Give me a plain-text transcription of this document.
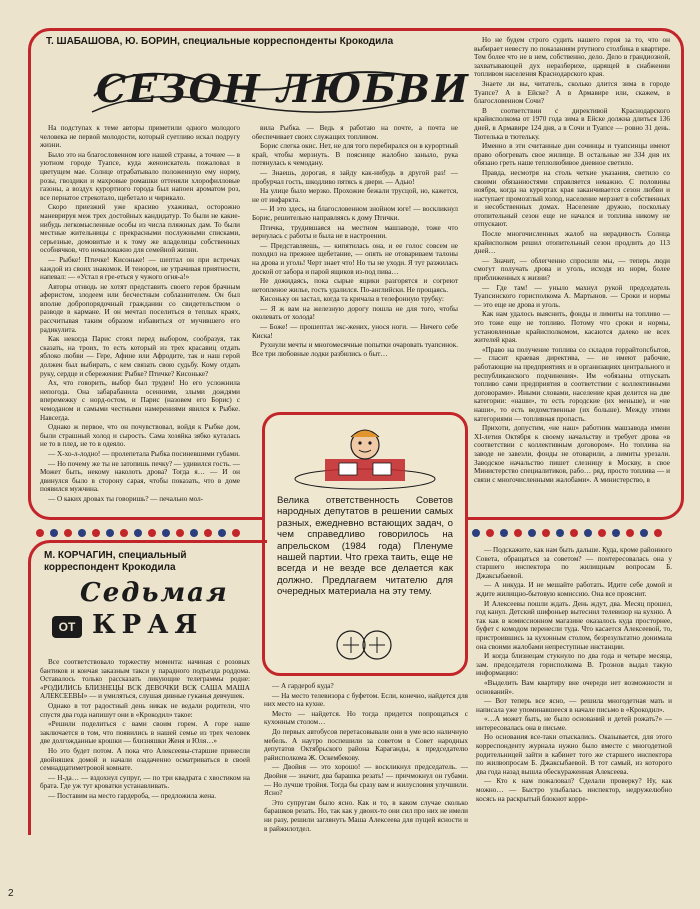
Т. ШАБАШОВА, Ю. БОРИН, специальные корреспонденты Крокодила
СЕЗОН ЛЮБВИ

На подступах к теме авторы приметили одного молодого человека не первой молодости, который суетливо искал подругу жизни.

Было это на благословенном юге нашей страны, а точнее — в уютном городе Туапсе, куда женоискатель пожаловал в цветущем мае. Солнце отрабатывало положенную ему норму, розы, гвоздики и махровые ромашки оттеняли хлорофилловые газоны, а воздух курортного города был напоен ароматом роз, все пернатое стрекотало, щебетало и чирикало.

Скоро приезжий уже красиво ухаживал, осторожно маневрируя меж трех достойных кандидатур. То были не какие-нибудь легкомысленные особы из числа пляжных дам. То были местные жительницы с прекрасными послужными списками, серьезные, домовитые и к тому же владелицы собственных особнячков, что немаловажно для семейной жизни.

— Рыбке! Птичке! Кисоньке! — шептал он при встречах каждой из своих знакомок. И тенором, не утрачивая приятности, напевал: — «Устал я гре-еться у чужого огня-а!»

Авторы отнюдь не хотят представить своего героя брачным аферистом, злодеем или бесчестным соблазнителем. Он был вполне добропорядочный гражданин со свидетельством о разводе в кармане. И он мечтал поселиться в теплых краях, рассчитывая таким образом избавиться от мучившего его радикулита.

Как некогда Парис стоял перед выбором, сообразуя, так сказать, на троих, то есть который из трех красавиц отдать яблоко любви — Гере, Афине или Афродите, так и наш герой должен был выбирать, с кем связать свою судьбу. Кому отдать руку, сердце и сбережения: Рыбке? Птичке? Кисоньке?

Ах, что говорить, выбор был труден! Но его усложнила непогода. Она забарабанила осенними, злыми дождями вперемежку с норд-остом, и Парис (назовем его Борис) с чемоданом и самыми честными намерениями явился к Рыбке. Навсегда.

Однако ж первое, что он почувствовал, войдя к Рыбке дом, были страшный холод и сырость. Сама хозяйка зябко куталась не то в плед, не то в одеяло.

— Х-хо-л-лодно! — пролепетала Рыбка посиневшими губами.

— Но почему же ты не затопишь печку? — удивился гость. — Может быть, некому наколоть дрова? Тогда я… — И он двинулся было в сторону сарая, чтобы показать, что в доме появился мужчина.

— О каких дровах ты говоришь? — печально мол-

вила Рыбка. — Ведь я работаю на почте, а почта не обеспечивает своих служащих топливом.

Борис слегка окис. Нет, не для того перебирался он в курортный край, чтобы мерзнуть. В пояснице жалобно заныло, рука потянулась к чемодану.

— Знаешь, дорогая, я зайду как-нибудь в другой раз! — пробурчал гость, шкодливо пятясь к двери. — Адью!

На улице было мерзко. Прохожие бежали трусцой, но, кажется, не от инфаркта.

— И это здесь, на благословенном знойном юге! — воскликнул Борис, решительно направляясь к дому Птички.

Птичка, трудившаяся на местном машзаводе, тоже что вернулась с работы и была не в настроении.

— Представляешь, — кипятилась она, и ее голос совсем не походил на прежнее щебетание, — опять не отовариваем талоны на дрова и уголь! Черт знает что! Но ты не уходи. Я тут разжилась доской от забора и парой ящиков из-под пива…

Не дожидаясь, пока сырые ящики разгорятся и согреют нетопленое жилье, гость удалился. По-английски. Не прощаясь.

Кисоньку он застал, когда та кричала в телефонную трубку:

— Я ж вам на железную дорогу пошла не для того, чтобы околевать от холода!

— Боже! — прошептал экс-жених, унося ноги. — Ничего себе Киска!

Рухнули мечты и многомесячные попытки очаровать туапсинок. Все три любовные лодки разбились о быт…

Но не будем строго судить нашего героя за то, что он выбирает невесту по показаниям ртутного столбика в квартире. Тем более что не в нем, собственно, дело. Дело в грандиозной, захватывающей дух неразберихе, царящей в снабжении топливом населения Краснодарского края.

Знаете ли вы, читатель, сколько длится зима в городе Туапсе? А в Ейске? А в Армавире или, скажем, в благословенном Сочи?

В соответствии с директивой Краснодарского крайисполкома от 1970 года зима в Ейске должна длиться 136 дней, в Армавире 124 дня, а в Сочи и Туапсе — ровно 31 день. Тютелька в тютельку.

Именно в эти считанные дни сочинцы и туапсинцы имеют право обогревать свое жилище. В остальные же 334 дня их обязано греть наше теплолюбивое дневное светило.

Правда, несмотря на столь четкие указания, светило со своими обязанностями справляется неважно. С половины ноября, когда на курортах края заканчивается сезон любви и наступает промозглый холод, население мерзнет в собственных и несобственных домах. Население дружно, поскольку отопительный сезон еще не начался и топлива никому не отпускают.

После многочисленных жалоб на нерадивость Солнца крайисполком решил отопительный сезон продлить до 113 дней…

— Значит, — облегченно спросили мы, — теперь люди смогут получать дрова и уголь, исходя из норм, более приближенных к жизни?

— Где там! — уныло махнул рукой председатель Туапсинского горисполкома А. Мартынов. — Сроки и нормы — это еще не дрова и уголь.

Как нам удалось выяснить, фонды и лимиты на топливо — это тоже еще не топливо. Потому что сроки и нормы, установленные крайисполкомом, касаются далеко не всех жителей края.

«Право на получение топлива со складов горрайтопсбытов, — гласит краевая директива, — не имеют рабочие, работающие на предприятиях и в организациях центрального и республиканского подчинения». Им «обязаны отпускать топливо сами предприятия в соответствии с коллективными договорами». Иными словами, население края делится на две категории: «наши», то есть городские (их меньше), и «не наши», то есть ведомственные (их больше). Между этими категориями — топливная пропасть.

Прихоти, допустим, «не наш» работник машзавода имени XI-летия Октября к своему начальству и требует дрова «в соответствии с коллективным договором». Но топлива на заводе не завезли, фонды не отоварили, а лимиты урезали. Заводское начальство пишет слезницу в Москву, в свое Министерство специалитиков, рабо… ряд, просто топлива — и связи с многочисленными жалобами». А министерство, в

Велика ответственность Советов народных депутатов в решении самых разных, ежедневно встающих задач, о чем справедливо говорилось на апрельском (1984 года) Пленуме нашей партии. Что греха таить, еще не всегда и не везде все делается как должно. Предлагаем читателю для очередных материала на эту тему.
М. КОРЧАГИН, специальный корреспондент Крокодила
Седьмая
ОТ КРАЯ

Все соответствовало торжеству момента: начиная с розовых бантиков и кончая заказным такси у парадного подъезда роддома. Оставалось только рассказать ликующие телеграммы родне: «РОДИЛИСЬ БЛИЗНЕЦЫ ВСК ДЕВОЧКИ ВСК САША МАША АЛЕКСЕЕВЫ» — и умиляться, слушая дивные гуканья девчушек.

Однако в тот радостный день никак не ведали родители, что спустя два года напишут они в «Крокодил» такое:

«Решили поделиться с вами своим горем. А горе наше заключается в том, что появились в нашей семье из трех человек две долгожданные крошки — близняшки Женя и Юля…»

Но это будет потом. А пока что Алексеевы-старшие принесли двойняшек домой и начали озадаченно осматриваться в своей семнадцатиметровой комнате.

— Н-да… — вздохнул супруг, — по три квадрата с хвостиком на брата. Где уж тут кроватки устанавливать.

— Поставим на место гардероба, — предложила жена.

— А гардероб куда?

— На место телевизора с буфетом. Если, конечно, найдется для них место на кухне.

Место — найдется. Но тогда придется попрощаться с кухонным столом…

До первых автобусов перетасовывали они в уме всю наличную мебель. А наутро поспешили за советом в Совет народных депутатов Октябрьского района Караганды, к председателю райисполкома Ж. Оскембекову.

— Двойня — это хорошо! — воскликнул председатель. — Двойня — значит, два барашка резать! — причмокнул он губами. — Но лучше тройня. Тогда бы сразу вам и жилусловия улучшили. Ясно?

Это супругам было ясно. Как и то, в каком случае сколько барашков резать. Но, так как у двоих-то они сил про них не имели ни разу, решили заглянуть Маша Алексеева для пущей ясности и в райжилотдел.

— Подскажите, как нам быть дальше. Куда, кроме районного Совета, обращаться за советом? — понтересовалась она у старшего инспектора по жилищным вопросам Б. Джаксыбаевой.

— А никуда. И не мешайте работать. Идите себе домой и ждите жилищно-бытовую комиссию. Она все прояснит.

И Алексеевы пошли ждать. День ждут, два. Месяц прошел, год канул. Детский шифоньер вытеснил телевизор на кухню. А так как в комиссионном магазине оказалось куда просторнее, буфет с комодом перенесли туда. Что касается Алексеевой, то, пристроившись за кухонным столом, безрезультатно донимала она своими жалобами непреступные инстанции.

И когда близнецам стукнуло по два года и четыре месяца, зам. председателя горисполкома В. Грознов выдал такую информацию:

«Выделить Вам квартиру вне очереди нет возможности и оснований».

— Вот теперь все ясно, — решила многодетная мать и написала уже упоминавшееся в начале письмо в «Крокодил».

«…А может быть, не было оснований и детей рожать?» — интересовалась она в письме.

Но основания все-таки отыскались. Оказывается, для этого корреспонденту журнала нужно было вместе с многодетной родительницей зайти в кабинет того же старшего инспектора по жилвопросам Б. Джаксыбаевой. В тот самый, из которого два года назад вышла обескураженная Алексеева.

— Кто к нам пожаловал? Сделали проверку? Ну, как можно… — Быстро улыбалась инспектор, недружелюбно косясь на раскрытый блокнот корре-

2
